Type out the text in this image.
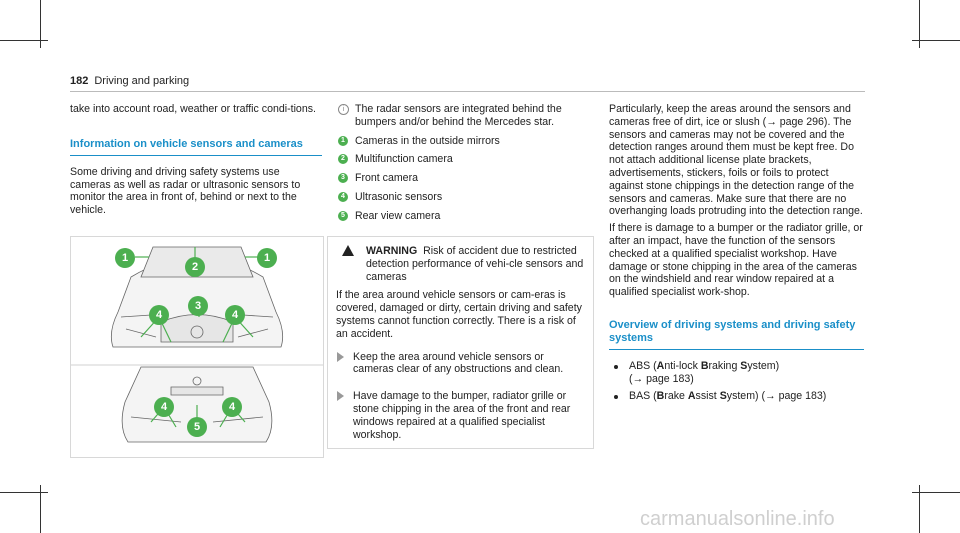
182 Driving and parking

take into account road, weather or traffic condi-tions.

Information on vehicle sensors and cameras

Some driving and driving safety systems use cameras as well as radar or ultrasonic sensors to monitor the area in front of, behind or next to the vehicle.

1
2
1
3
4	4
4	4
5
i	The radar sensors are integrated behind the bumpers and/or behind the Mercedes star.
1 Cameras in the outside mirrors
2 Multifunction camera
3 Front camera
4 Ultrasonic sensors
5 Rear view camera
WARNING Risk of accident due to restricted detection performance of vehi-cle sensors and cameras

If the area around vehicle sensors or cam-eras is covered, damaged or dirty, certain driving and safety systems cannot function correctly. There is a risk of an accident.

Keep the area around vehicle sensors or cameras clear of any obstructions and clean.
Have damage to the bumper, radiator grille or stone chipping in the area of the front and rear windows repaired at a qualified specialist workshop.

Particularly, keep the areas around the sensors and cameras free of dirt, ice or slush (→ page 296). The sensors and cameras may not be covered and the detection ranges around them must be kept free. Do not attach additional license plate brackets, advertisements, stickers, foils or foils to protect against stone chippings in the detection range of the sensors and cameras. Make sure that there are no overhanging loads protruding into the detection range.

If there is damage to a bumper or the radiator grille, or after an impact, have the function of the sensors checked at a qualified specialist workshop. Have damage or stone chipping in the area of the cameras on the windshield and rear window repaired at a qualified specialist work-shop.

Overview of driving systems and driving safety systems
ABS (Anti-lock Braking System)
(→ page 183)
BAS (Brake Assist System) (→ page 183)
carmanualsonline.info
